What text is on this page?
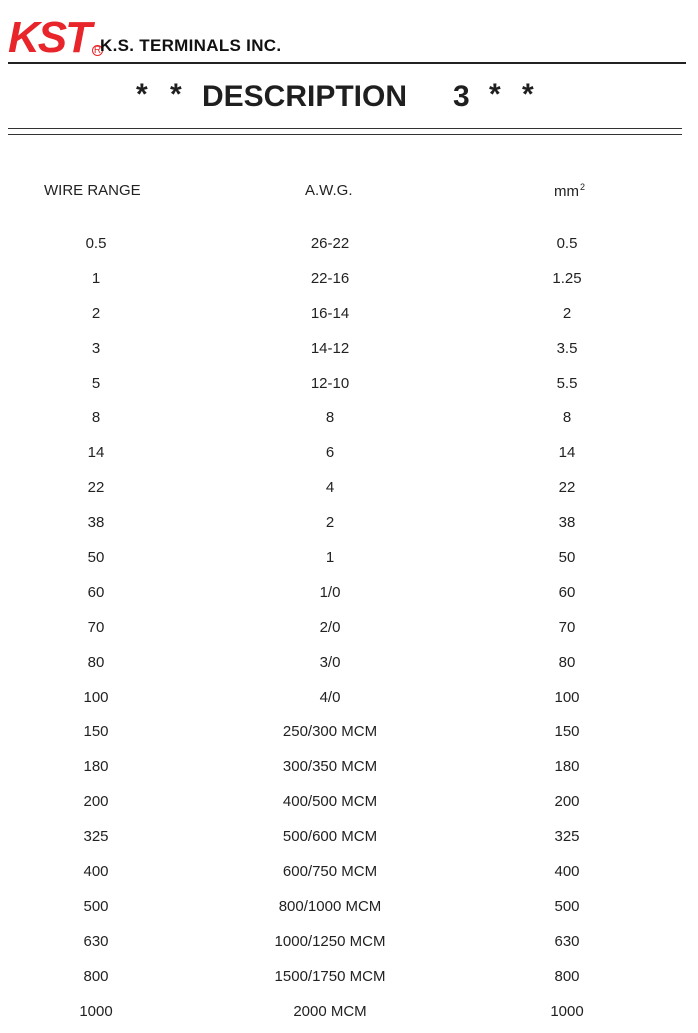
KST R
K.S. TERMINALS INC.
* * DESCRIPTION 3 * *
WIRE RANGE	A.W.G.	$mm^2$
0.5	26-22	0.5
1	22-16	1.25
2	16-14	2
3	14-12	3.5
5	12-10	5.5
8	8	8
14	6	14
22	4	22
38	2	38
50	1	50
60	1/0	60
70	2/0	70
80	3/0	80
100	4/0	100
150	250/300 MCM	150
180	300/350 MCM	180
200	400/500 MCM	200
325	500/600 MCM	325
400	600/750 MCM	400
500	800/1000 MCM	500
630	1000/1250 MCM	630
800	1500/1750 MCM	800
1000	2000 MCM	1000
